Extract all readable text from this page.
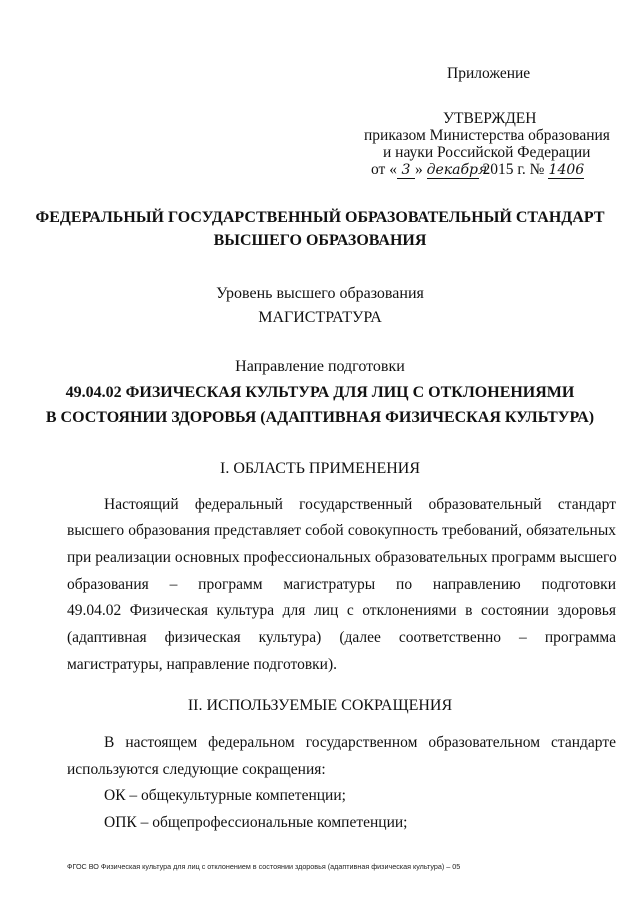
Приложение
УТВЕРЖДЕН
приказом Министерства образования
и науки Российской Федерации
от « 3 » декабря 2015 г. № 1406
ФЕДЕРАЛЬНЫЙ ГОСУДАРСТВЕННЫЙ ОБРАЗОВАТЕЛЬНЫЙ СТАНДАРТ
ВЫСШЕГО ОБРАЗОВАНИЯ
Уровень высшего образования
МАГИСТРАТУРА
Направление подготовки
49.04.02 ФИЗИЧЕСКАЯ КУЛЬТУРА ДЛЯ ЛИЦ С ОТКЛОНЕНИЯМИ
В СОСТОЯНИИ ЗДОРОВЬЯ (АДАПТИВНАЯ ФИЗИЧЕСКАЯ КУЛЬТУРА)
I. ОБЛАСТЬ ПРИМЕНЕНИЯ
Настоящий федеральный государственный образовательный стандарт
высшего образования представляет собой совокупность требований, обязательных
при реализации основных профессиональных образовательных программ высшего
образования – программ магистратуры по направлению подготовки
49.04.02 Физическая культура для лиц с отклонениями в состоянии здоровья
(адаптивная физическая культура) (далее соответственно – программа
магистратуры, направление подготовки).
II. ИСПОЛЬЗУЕМЫЕ СОКРАЩЕНИЯ
В настоящем федеральном государственном образовательном стандарте
используются следующие сокращения:
ОК – общекультурные компетенции;
ОПК – общепрофессиональные компетенции;
ФГОС ВО Физическая культура для лиц с отклонением в состоянии здоровья (адаптивная физическая культура) – 05
